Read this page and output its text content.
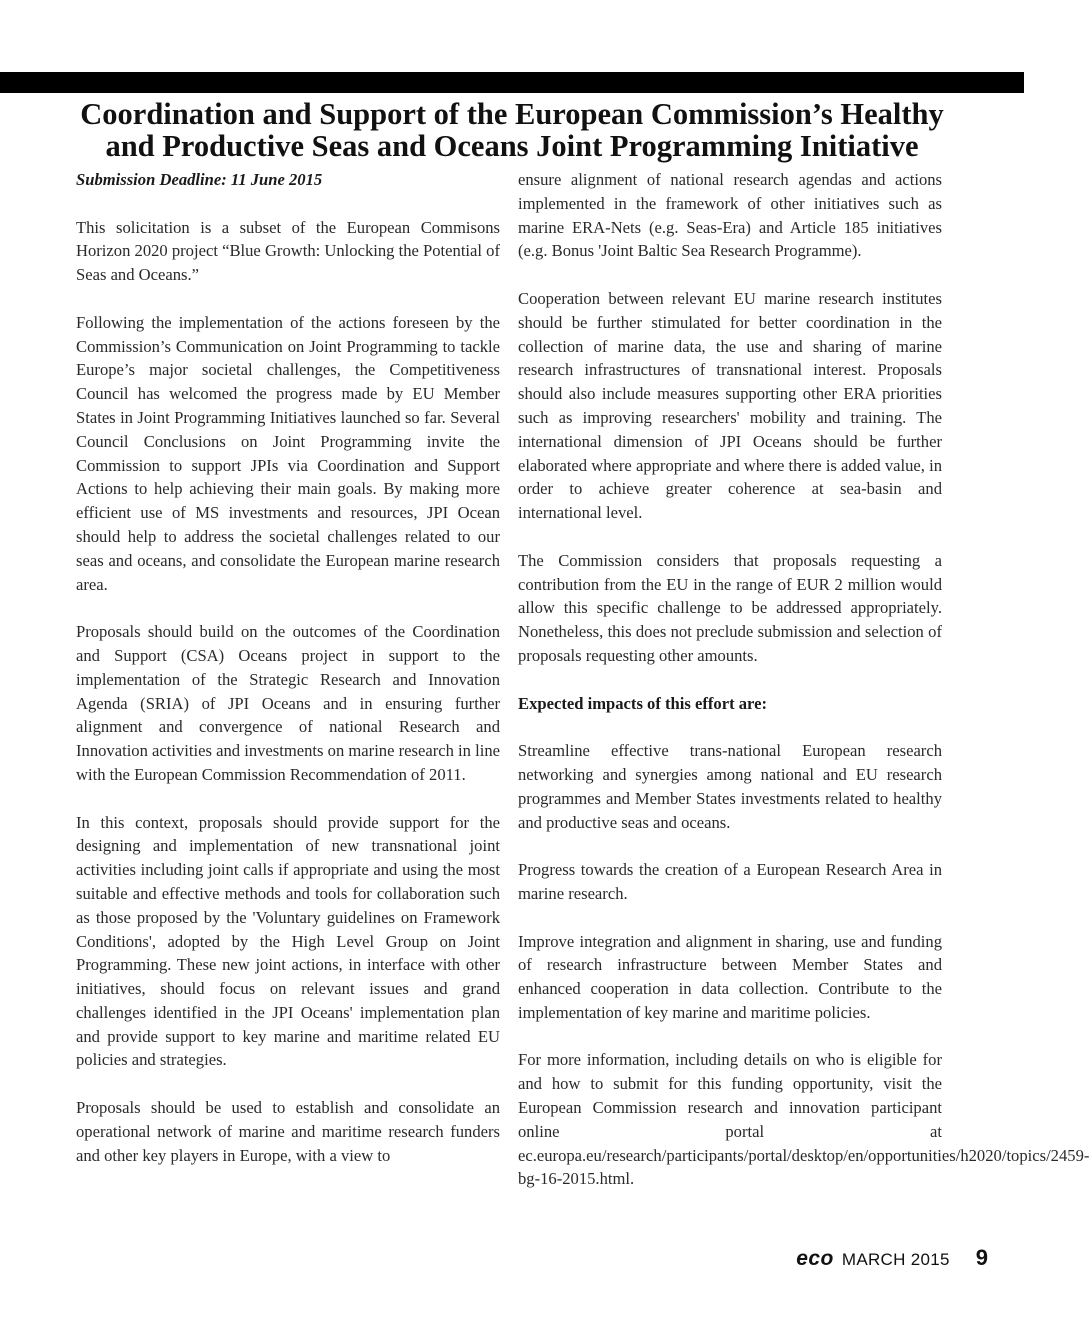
Coordination and Support of the European Commission’s Healthy
and Productive Seas and Oceans Joint Programming Initiative

Submission Deadline: 11 June 2015

This solicitation is a subset of the European Commisons Horizon 2020 project “Blue Growth: Unlocking the Potential of Seas and Oceans.”

Following the implementation of the actions foreseen by the Commission’s Communication on Joint Programming to tackle Europe’s major societal challenges, the Competitiveness Council has welcomed the progress made by EU Member States in Joint Programming Initiatives launched so far. Several Council Conclusions on Joint Programming invite the Commission to support JPIs via Coordination and Support Actions to help achieving their main goals. By making more efficient use of MS investments and resources, JPI Ocean should help to address the societal challenges related to our seas and oceans, and consolidate the European marine research area.

Proposals should build on the outcomes of the Coordination and Support (CSA) Oceans project in support to the implementation of the Strategic Research and Innovation Agenda (SRIA) of JPI Oceans and in ensuring further alignment and convergence of national Research and Innovation activities and investments on marine research in line with the European Commission Recommendation of 2011.

In this context, proposals should provide support for the designing and implementation of new transnational joint activities including joint calls if appropriate and using the most suitable and effective methods and tools for collaboration such as those proposed by the 'Voluntary guidelines on Framework Conditions', adopted by the High Level Group on Joint Programming. These new joint actions, in interface with other initiatives, should focus on relevant issues and grand challenges identified in the JPI Oceans' implementation plan and provide support to key marine and maritime related EU policies and strategies.

Proposals should be used to establish and consolidate an operational network of marine and maritime research funders and other key players in Europe, with a view to

ensure alignment of national research agendas and actions implemented in the framework of other initiatives such as marine ERA-Nets (e.g. Seas-Era) and Article 185 initiatives (e.g. Bonus 'Joint Baltic Sea Research Programme).

Cooperation between relevant EU marine research institutes should be further stimulated for better coordination in the collection of marine data, the use and sharing of marine research infrastructures of transnational interest. Proposals should also include measures supporting other ERA priorities such as improving researchers' mobility and training. The international dimension of JPI Oceans should be further elaborated where appropriate and where there is added value, in order to achieve greater coherence at sea-basin and international level.

The Commission considers that proposals requesting a contribution from the EU in the range of EUR 2 million would allow this specific challenge to be addressed appropriately. Nonetheless, this does not preclude submission and selection of proposals requesting other amounts.

Expected impacts of this effort are:

Streamline effective trans-national European research networking and synergies among national and EU research programmes and Member States investments related to healthy and productive seas and oceans.

Progress towards the creation of a European Research Area in marine research.

Improve integration and alignment in sharing, use and funding of research infrastructure between Member States and enhanced cooperation in data collection. Contribute to the implementation of key marine and maritime policies.

For more information, including details on who is eligible for and how to submit for this funding opportunity, visit the European Commission research and innovation participant online portal at ec.europa.eu/research/participants/portal/desktop/en/opportunities/h2020/topics/2459-bg-16-2015.html.

eco MARCH 2015 9
